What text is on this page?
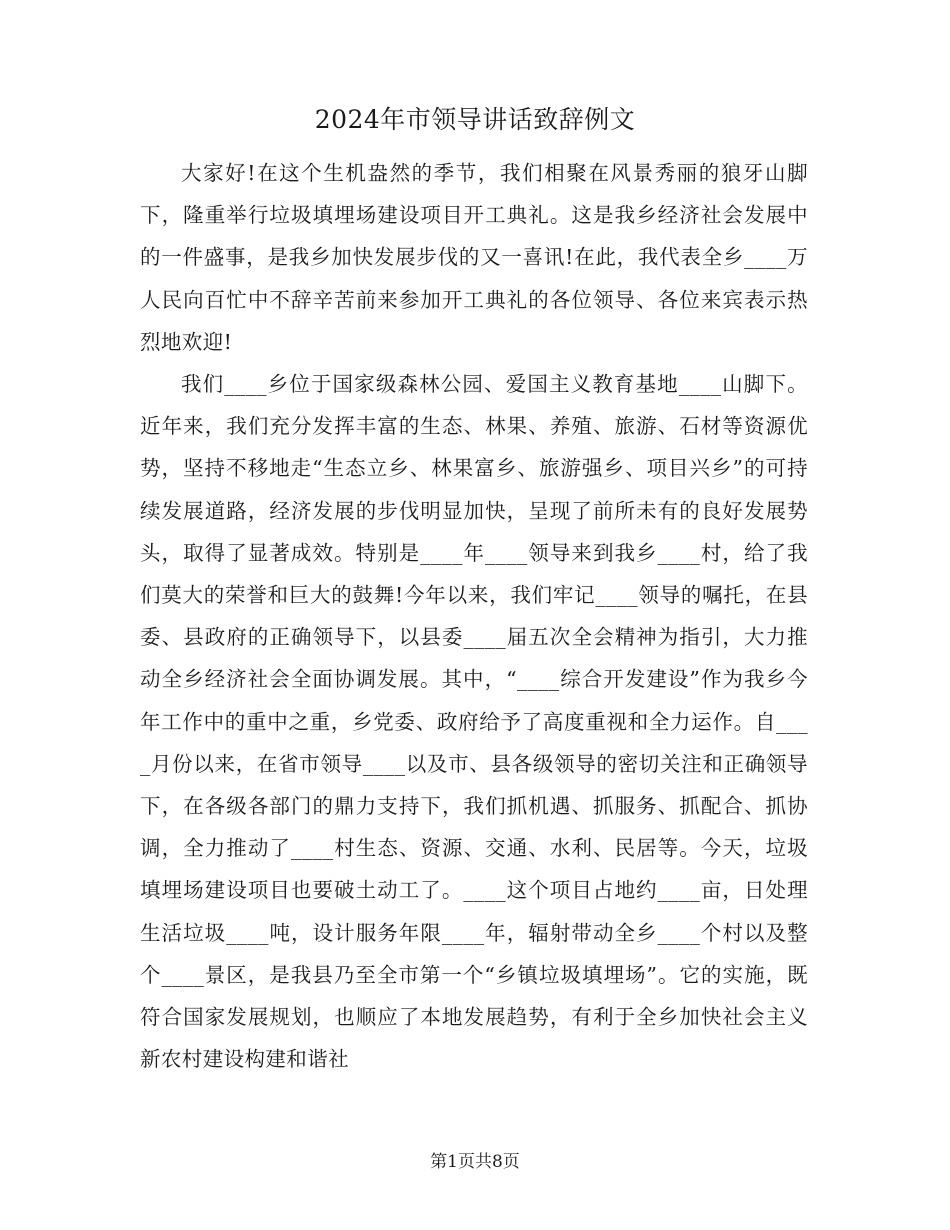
2024年市领导讲话致辞例文

大家好!在这个生机盎然的季节，我们相聚在风景秀丽的狼牙山脚下，隆重举行垃圾填埋场建设项目开工典礼。这是我乡经济社会发展中的一件盛事，是我乡加快发展步伐的又一喜讯!在此，我代表全乡____万人民向百忙中不辞辛苦前来参加开工典礼的各位领导、各位来宾表示热烈地欢迎!

我们____乡位于国家级森林公园、爱国主义教育基地____山脚下。近年来，我们充分发挥丰富的生态、林果、养殖、旅游、石材等资源优势，坚持不移地走“生态立乡、林果富乡、旅游强乡、项目兴乡”的可持续发展道路，经济发展的步伐明显加快，呈现了前所未有的良好发展势头，取得了显著成效。特别是____年____领导来到我乡____村，给了我们莫大的荣誉和巨大的鼓舞!今年以来，我们牢记____领导的嘱托，在县委、县政府的正确领导下，以县委____届五次全会精神为指引，大力推动全乡经济社会全面协调发展。其中，“____综合开发建设”作为我乡今年工作中的重中之重，乡党委、政府给予了高度重视和全力运作。自____月份以来，在省市领导____以及市、县各级领导的密切关注和正确领导下，在各级各部门的鼎力支持下，我们抓机遇、抓服务、抓配合、抓协调，全力推动了____村生态、资源、交通、水利、民居等。今天，垃圾填埋场建设项目也要破土动工了。____这个项目占地约____亩，日处理生活垃圾____吨，设计服务年限____年，辐射带动全乡____个村以及整个____景区，是我县乃至全市第一个“乡镇垃圾填埋场”。它的实施，既符合国家发展规划，也顺应了本地发展趋势，有利于全乡加快社会主义新农村建设构建和谐社

第1页共8页
